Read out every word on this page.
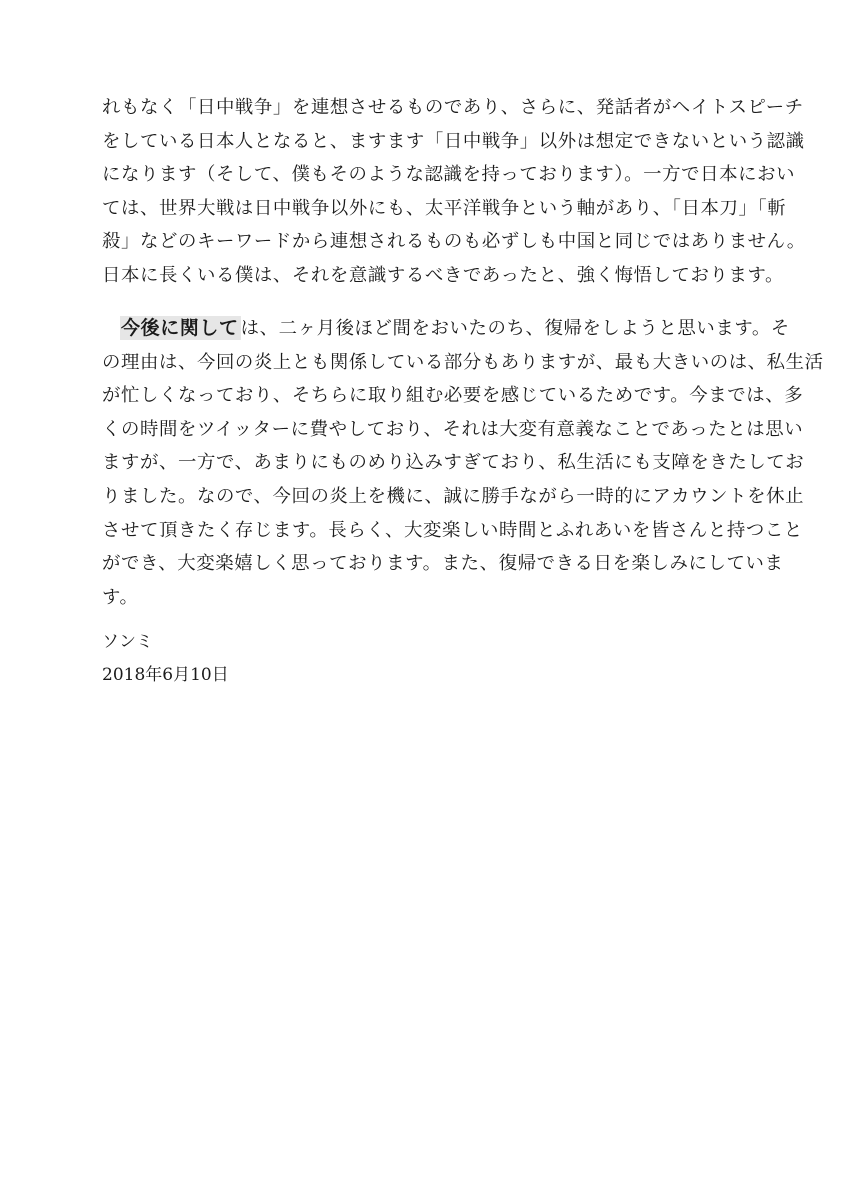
れもなく「日中戦争」を連想させるものであり、さらに、発話者がヘイトスピーチ
をしている日本人となると、ますます「日中戦争」以外は想定できないという認識
になります（そして、僕もそのような認識を持っております）。一方で日本におい
ては、世界大戦は日中戦争以外にも、太平洋戦争という軸があり、「日本刀」「斬
殺」などのキーワードから連想されるものも必ずしも中国と同じではありません。
日本に長くいる僕は、それを意識するべきであったと、強く悔悟しております。
今後に関して は、二ヶ月後ほど間をおいたのち、復帰をしようと思います。そ
の理由は、今回の炎上とも関係している部分もありますが、最も大きいのは、私生活
が忙しくなっており、そちらに取り組む必要を感じているためです。今までは、多
くの時間をツイッターに費やしており、それは大変有意義なことであったとは思い
ますが、一方で、あまりにものめり込みすぎており、私生活にも支障をきたしてお
りました。なので、今回の炎上を機に、誠に勝手ながら一時的にアカウントを休止
させて頂きたく存じます。長らく、大変楽しい時間とふれあいを皆さんと持つこと
ができ、大変楽嬉しく思っております。また、復帰できる日を楽しみにしていま
す。
ソンミ
2018年6月10日
